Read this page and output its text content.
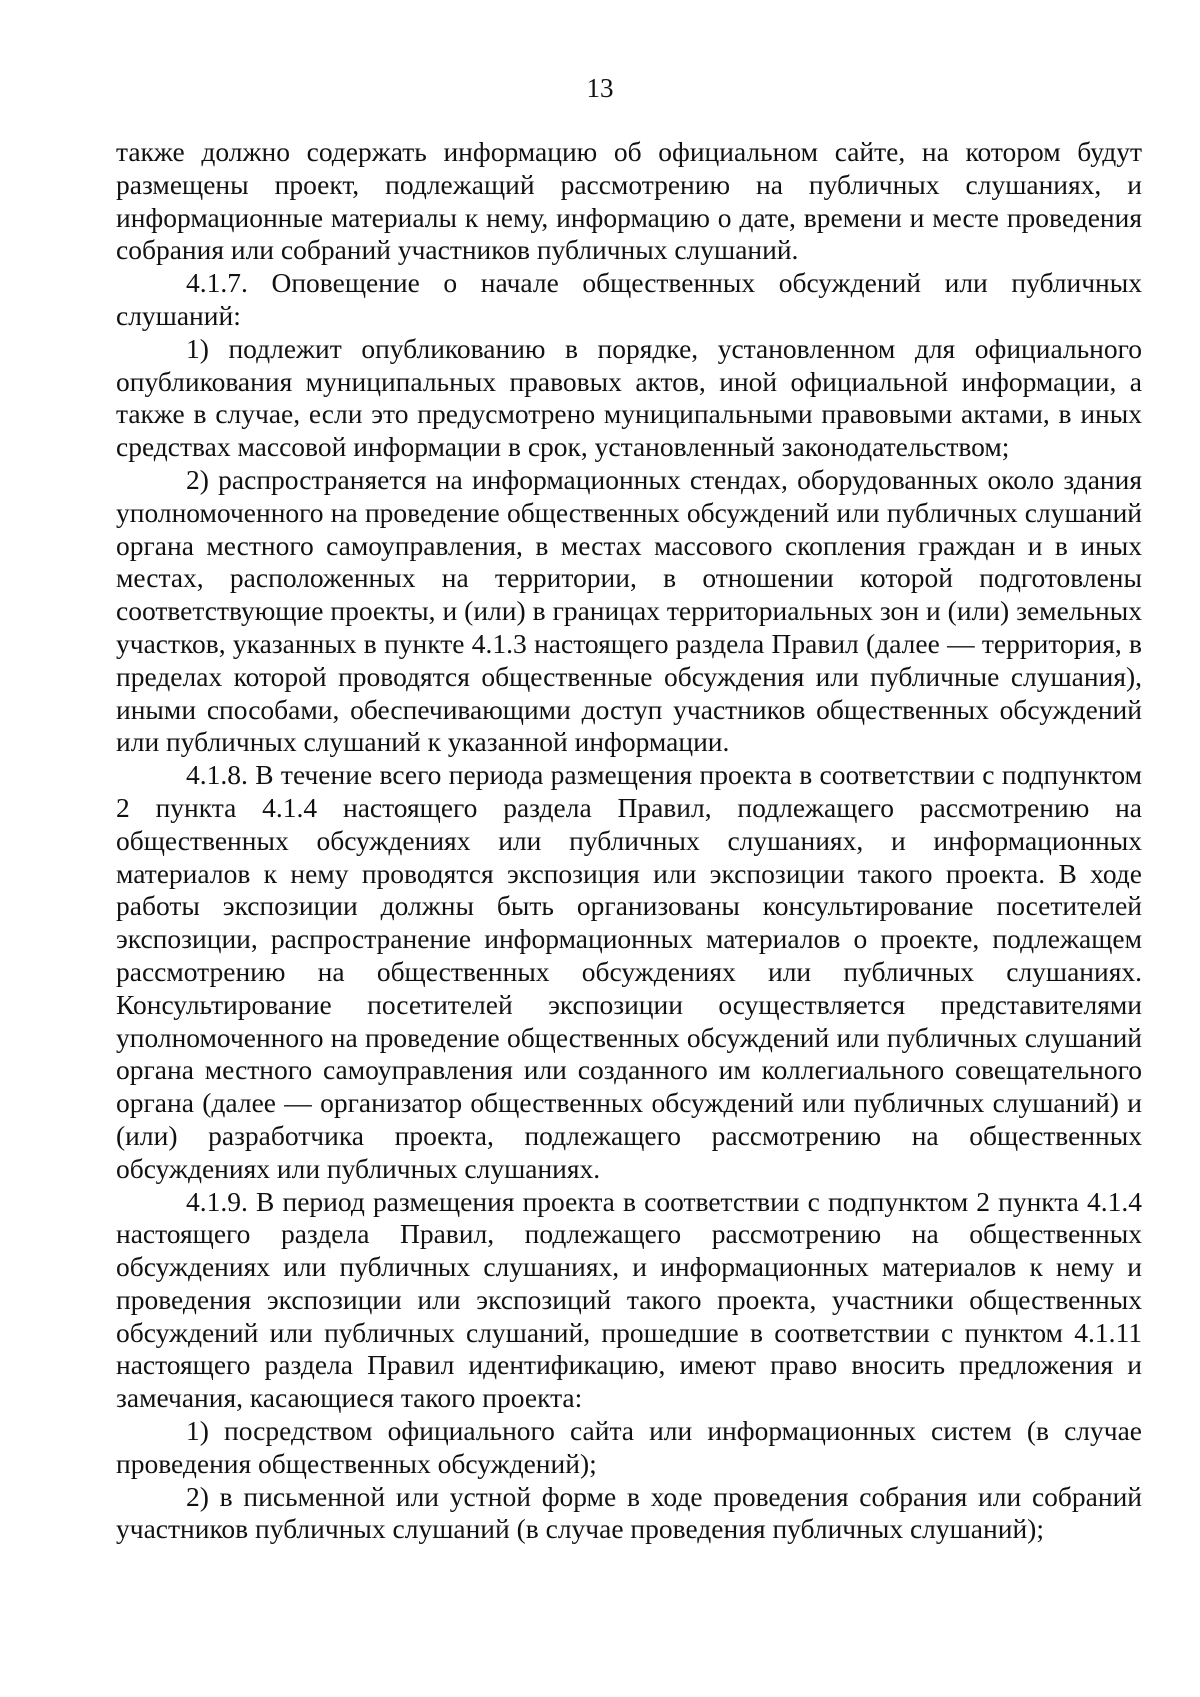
13

также должно содержать информацию об официальном сайте, на котором будут размещены проект, подлежащий рассмотрению на публичных слушаниях, и информационные материалы к нему, информацию о дате, времени и месте проведения собрания или собраний участников публичных слушаний.

4.1.7. Оповещение о начале общественных обсуждений или публичных слушаний:

1) подлежит опубликованию в порядке, установленном для официального опубликования муниципальных правовых актов, иной официальной информации, а также в случае, если это предусмотрено муниципальными правовыми актами, в иных средствах массовой информации в срок, установленный законодательством;

2) распространяется на информационных стендах, оборудованных около здания уполномоченного на проведение общественных обсуждений или публичных слушаний органа местного самоуправления, в местах массового скопления граждан и в иных местах, расположенных на территории, в отношении которой подготовлены соответствующие проекты, и (или) в границах территориальных зон и (или) земельных участков, указанных в пункте 4.1.3 настоящего раздела Правил (далее — территория, в пределах которой проводятся общественные обсуждения или публичные слушания), иными способами, обеспечивающими доступ участников общественных обсуждений или публичных слушаний к указанной информации.

4.1.8. В течение всего периода размещения проекта в соответствии с подпунктом 2 пункта 4.1.4 настоящего раздела Правил, подлежащего рассмотрению на общественных обсуждениях или публичных слушаниях, и информационных материалов к нему проводятся экспозиция или экспозиции такого проекта. В ходе работы экспозиции должны быть организованы консультирование посетителей экспозиции, распространение информационных материалов о проекте, подлежащем рассмотрению на общественных обсуждениях или публичных слушаниях. Консультирование посетителей экспозиции осуществляется представителями уполномоченного на проведение общественных обсуждений или публичных слушаний органа местного самоуправления или созданного им коллегиального совещательного органа (далее — организатор общественных обсуждений или публичных слушаний) и (или) разработчика проекта, подлежащего рассмотрению на общественных обсуждениях или публичных слушаниях.

4.1.9. В период размещения проекта в соответствии с подпунктом 2 пункта 4.1.4 настоящего раздела Правил, подлежащего рассмотрению на общественных обсуждениях или публичных слушаниях, и информационных материалов к нему и проведения экспозиции или экспозиций такого проекта, участники общественных обсуждений или публичных слушаний, прошедшие в соответствии с пунктом 4.1.11 настоящего раздела Правил идентификацию, имеют право вносить предложения и замечания, касающиеся такого проекта:

1) посредством официального сайта или информационных систем (в случае проведения общественных обсуждений);

2) в письменной или устной форме в ходе проведения собрания или собраний участников публичных слушаний (в случае проведения публичных слушаний);
